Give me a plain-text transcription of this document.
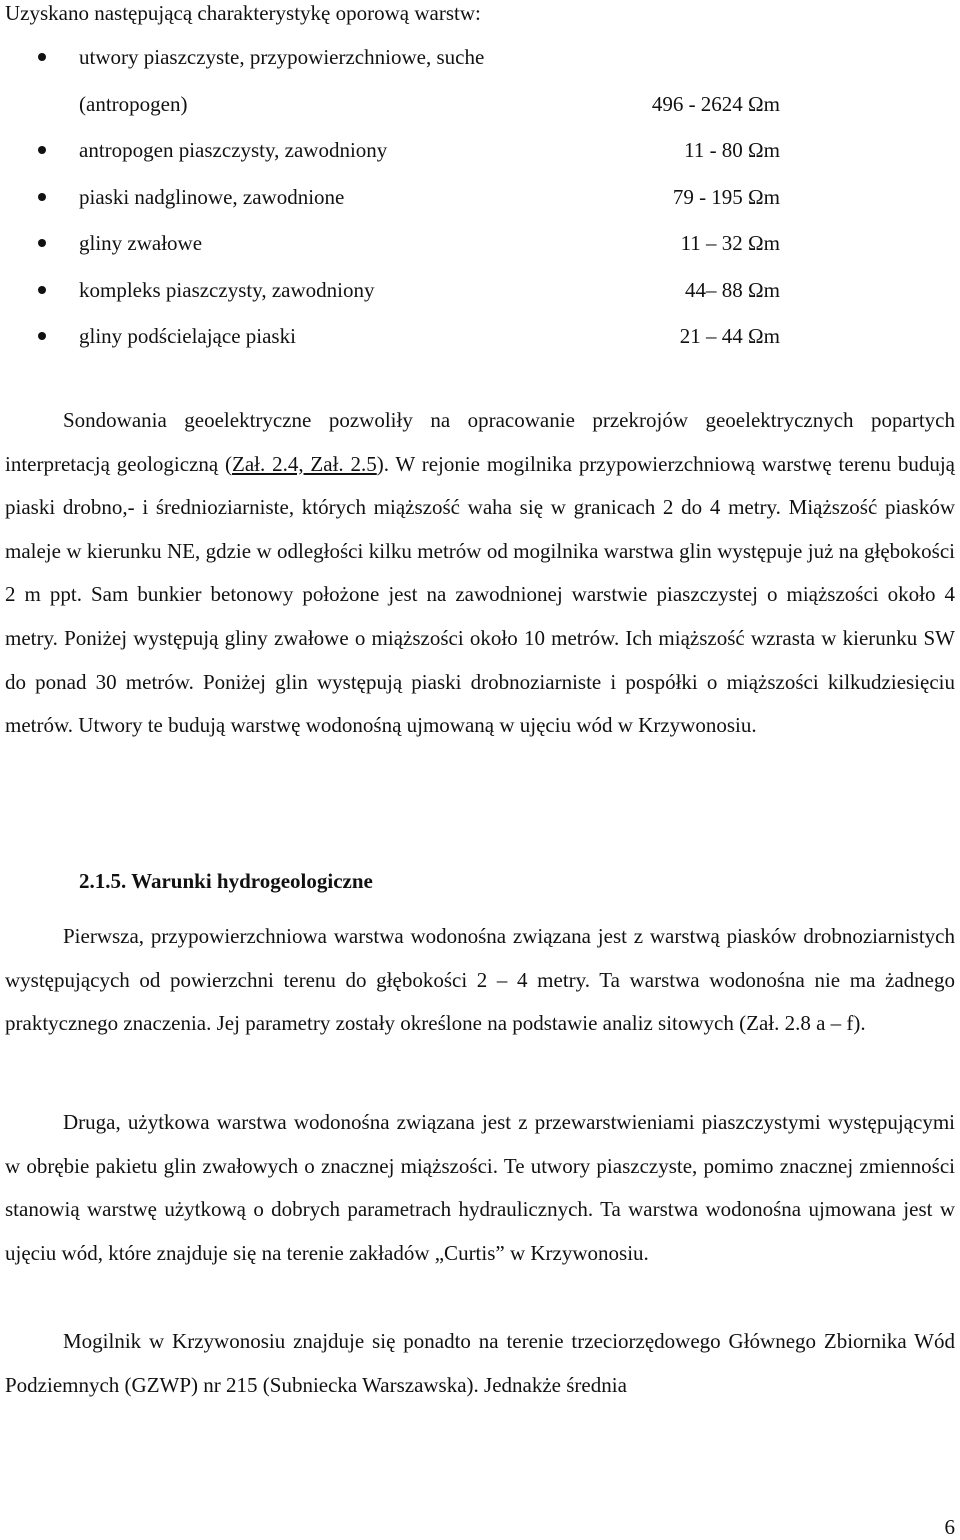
Uzyskano następującą charakterystykę oporową warstw:
utwory piaszczyste, przypowierzchniowe, suche
(antropogen)	496 - 2624 Ωm
antropogen piaszczysty, zawodniony	11 - 80 Ωm
piaski nadglinowe, zawodnione	79 - 195 Ωm
gliny zwałowe	11 – 32 Ωm
kompleks piaszczysty, zawodniony	44– 88 Ωm
gliny podścielające piaski	21 – 44 Ωm

Sondowania geoelektryczne pozwoliły na opracowanie przekrojów geoelektrycznych popartych interpretacją geologiczną (Zał. 2.4, Zał. 2.5). W rejonie mogilnika przypowierzchniową warstwę terenu budują piaski drobno,- i średnioziarniste, których miąższość waha się w granicach 2 do 4 metry. Miąższość piasków maleje w kierunku NE, gdzie w odległości kilku metrów od mogilnika warstwa glin występuje już na głębokości 2 m ppt. Sam bunkier betonowy położone jest na zawodnionej warstwie piaszczystej o miąższości około 4 metry. Poniżej występują gliny zwałowe o miąższości około 10 metrów. Ich miąższość wzrasta w kierunku SW do ponad 30 metrów. Poniżej glin występują piaski drobnoziarniste i pospółki o miąższości kilkudziesięciu metrów. Utwory te budują warstwę wodonośną ujmowaną w ujęciu wód w Krzywonosiu.

2.1.5. Warunki hydrogeologiczne

Pierwsza, przypowierzchniowa warstwa wodonośna związana jest z warstwą piasków drobnoziarnistych występujących od powierzchni terenu do głębokości 2 – 4 metry. Ta warstwa wodonośna nie ma żadnego praktycznego znaczenia. Jej parametry zostały określone na podstawie analiz sitowych (Zał. 2.8 a – f).

Druga, użytkowa warstwa wodonośna związana jest z przewarstwieniami piaszczystymi występującymi w obrębie pakietu glin zwałowych o znacznej miąższości. Te utwory piaszczyste, pomimo znacznej zmienności stanowią warstwę użytkową o dobrych parametrach hydraulicznych. Ta warstwa wodonośna ujmowana jest w ujęciu wód, które znajduje się na terenie zakładów „Curtis” w Krzywonosiu.

Mogilnik w Krzywonosiu znajduje się ponadto na terenie trzeciorzędowego Głównego Zbiornika Wód Podziemnych (GZWP) nr 215 (Subniecka Warszawska). Jednakże średnia

6
